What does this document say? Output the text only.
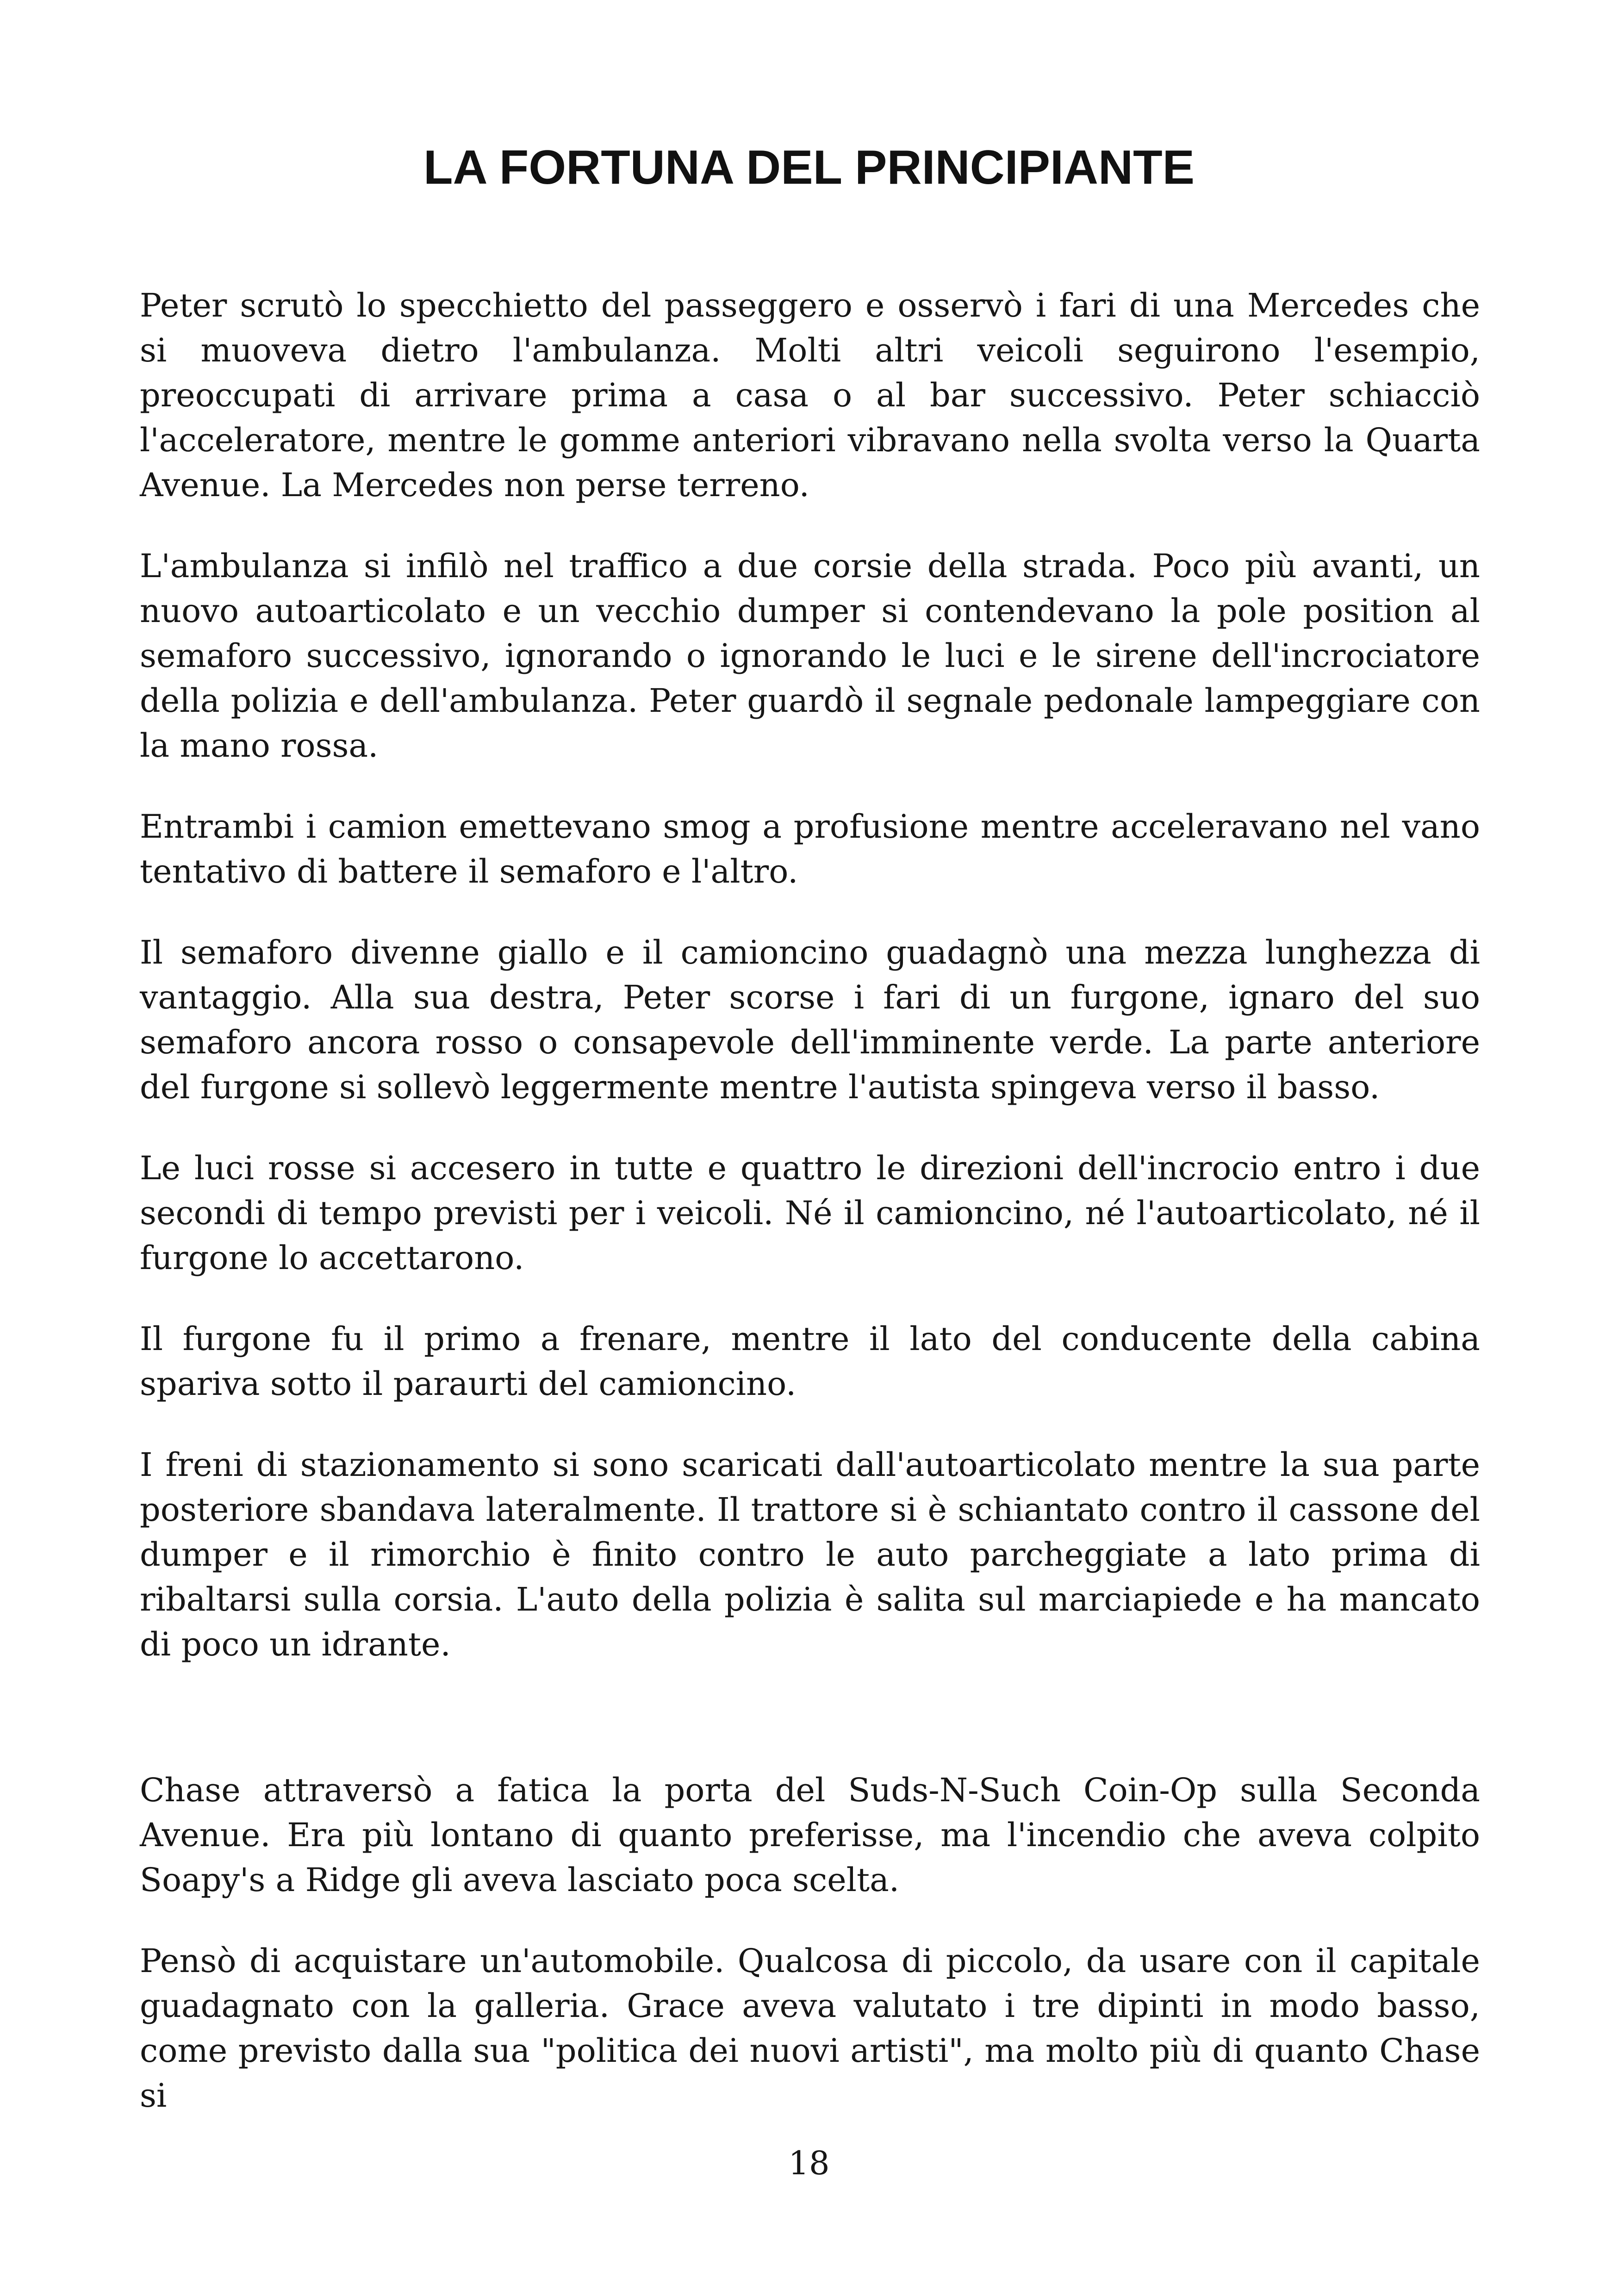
LA FORTUNA DEL PRINCIPIANTE

Peter scrutò lo specchietto del passeggero e osservò i fari di una Mercedes che si muoveva dietro l'ambulanza. Molti altri veicoli seguirono l'esempio, preoccupati di arrivare prima a casa o al bar successivo. Peter schiacciò l'acceleratore, mentre le gomme anteriori vibravano nella svolta verso la Quarta Avenue. La Mercedes non perse terreno.

L'ambulanza si infilò nel traffico a due corsie della strada. Poco più avanti, un nuovo autoarticolato e un vecchio dumper si contendevano la pole position al semaforo successivo, ignorando o ignorando le luci e le sirene dell'incrociatore della polizia e dell'ambulanza. Peter guardò il segnale pedonale lampeggiare con la mano rossa.

Entrambi i camion emettevano smog a profusione mentre acceleravano nel vano tentativo di battere il semaforo e l'altro.

Il semaforo divenne giallo e il camioncino guadagnò una mezza lunghezza di vantaggio. Alla sua destra, Peter scorse i fari di un furgone, ignaro del suo semaforo ancora rosso o consapevole dell'imminente verde. La parte anteriore del furgone si sollevò leggermente mentre l'autista spingeva verso il basso.

Le luci rosse si accesero in tutte e quattro le direzioni dell'incrocio entro i due secondi di tempo previsti per i veicoli. Né il camioncino, né l'autoarticolato, né il furgone lo accettarono.

Il furgone fu il primo a frenare, mentre il lato del conducente della cabina spariva sotto il paraurti del camioncino.

I freni di stazionamento si sono scaricati dall'autoarticolato mentre la sua parte posteriore sbandava lateralmente. Il trattore si è schiantato contro il cassone del dumper e il rimorchio è finito contro le auto parcheggiate a lato prima di ribaltarsi sulla corsia. L'auto della polizia è salita sul marciapiede e ha mancato di poco un idrante.

Chase attraversò a fatica la porta del Suds-N-Such Coin-Op sulla Seconda Avenue. Era più lontano di quanto preferisse, ma l'incendio che aveva colpito Soapy's a Ridge gli aveva lasciato poca scelta.

Pensò di acquistare un'automobile. Qualcosa di piccolo, da usare con il capitale guadagnato con la galleria. Grace aveva valutato i tre dipinti in modo basso, come previsto dalla sua "politica dei nuovi artisti", ma molto più di quanto Chase si

18
